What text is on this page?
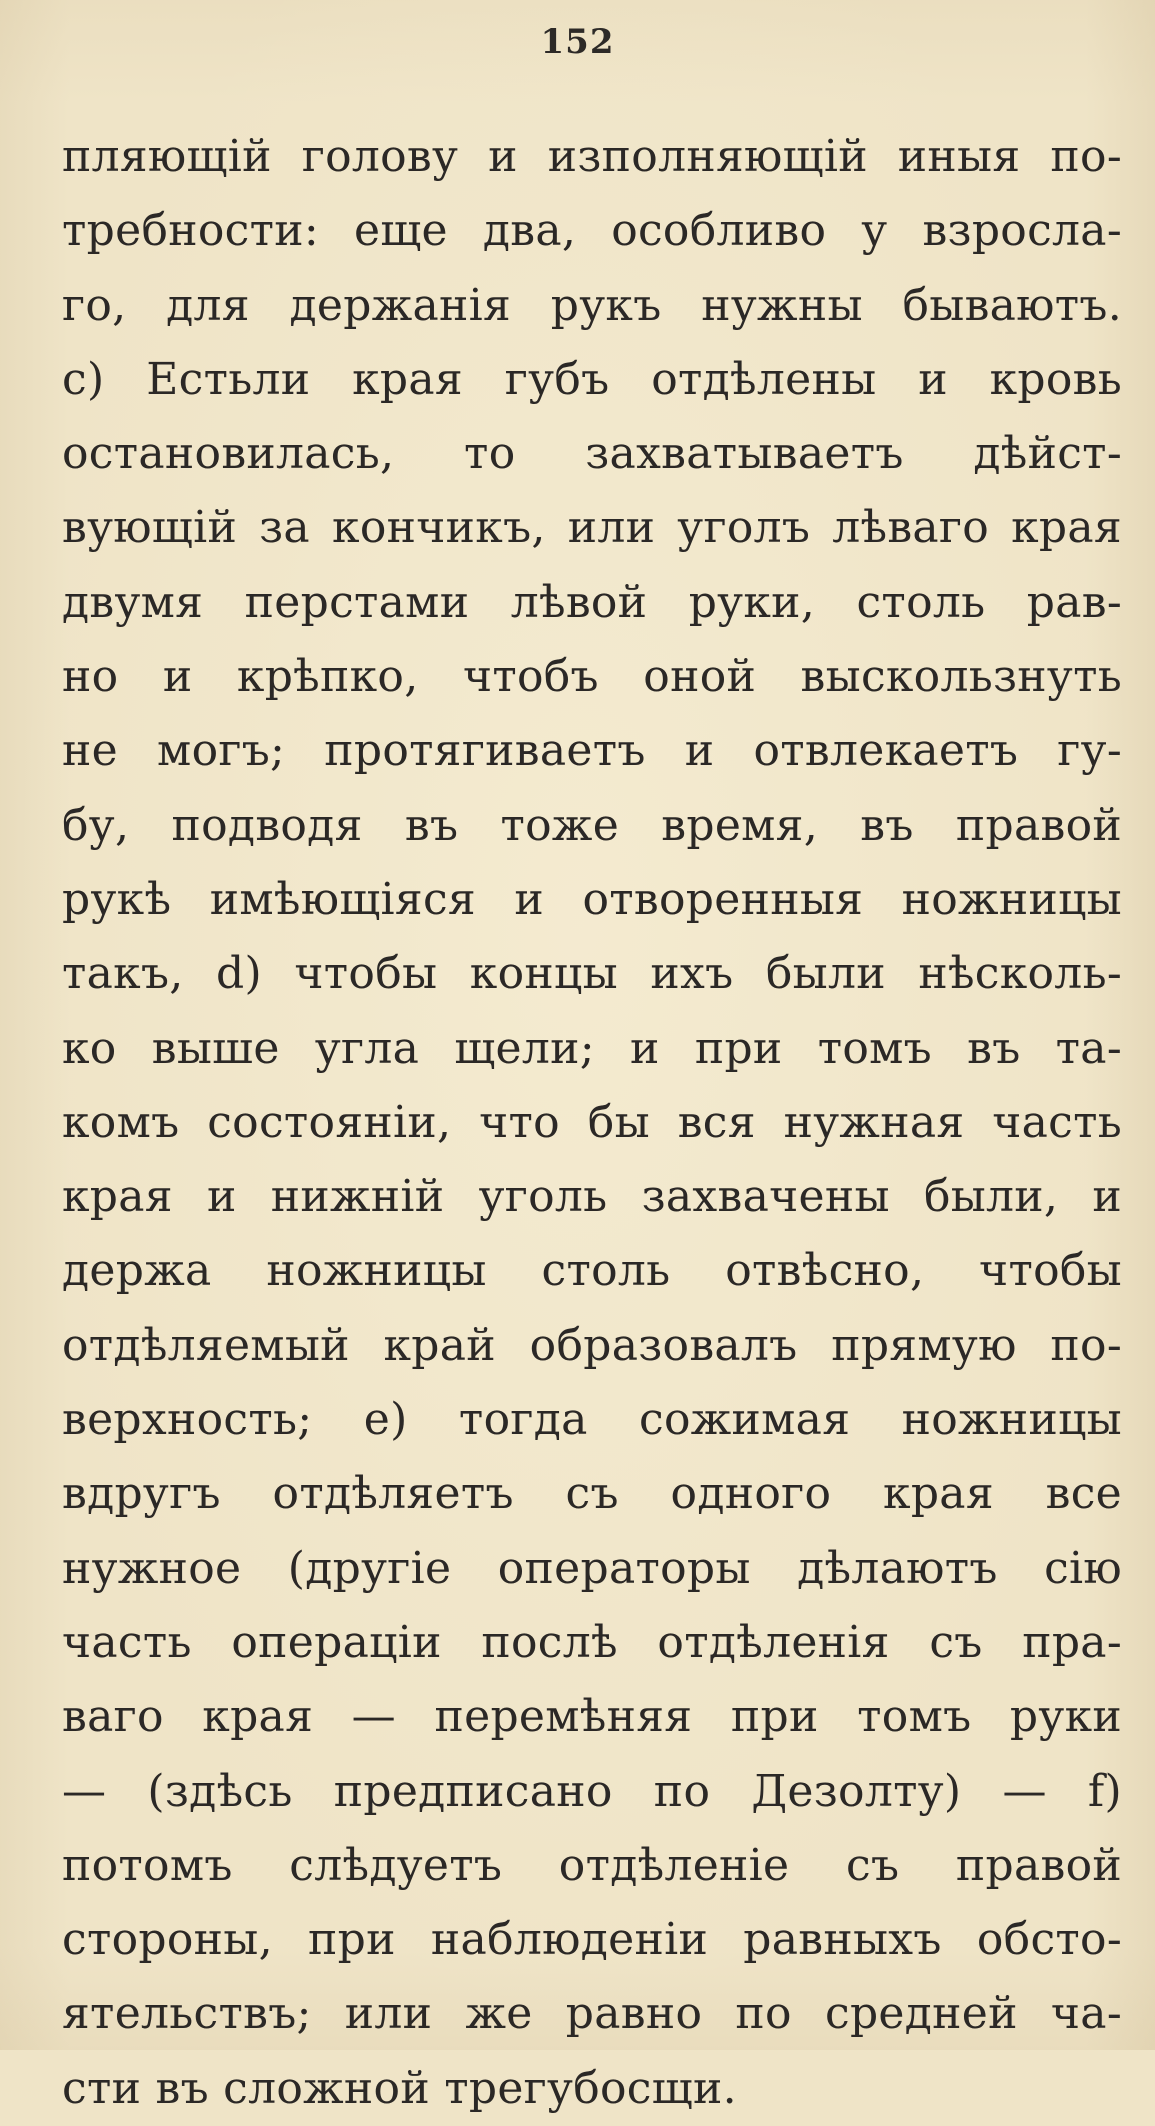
152
пляющій голову и изполняющій иныя по-
требности: еще два, особливо у взросла-
го, для держанія рукъ нужны бываютъ.
c) Естьли края губъ отдѣлены и кровь
остановилась, то захватываетъ дѣйст-
вующій за кончикъ, или уголъ лѣваго края
двумя перстами лѣвой руки, столь рав-
но и крѣпко, чтобъ оной выскользнуть
не могъ; протягиваетъ и отвлекаетъ гу-
бу, подводя въ тоже время, въ правой
рукѣ имѣющіяся и отворенныя ножницы
такъ, d) чтобы концы ихъ были нѣсколь-
ко выше угла щели; и при томъ въ та-
комъ состояніи, что бы вся нужная часть
края и нижній уголь захвачены были, и
держа ножницы столь отвѣсно, чтобы
отдѣляемый край образовалъ прямую по-
верхность; e) тогда сожимая ножницы
вдругъ отдѣляетъ съ одного края все
нужное (другіе операторы дѣлаютъ сію
часть операціи послѣ отдѣленія съ пра-
ваго края — перемѣняя при томъ руки
— (здѣсь предписано по Дезолту) — f)
потомъ слѣдуетъ отдѣленіе съ правой
стороны, при наблюденіи равныхъ обсто-
ятельствъ; или же равно по средней ча-
сти въ сложной трегубосщи.
